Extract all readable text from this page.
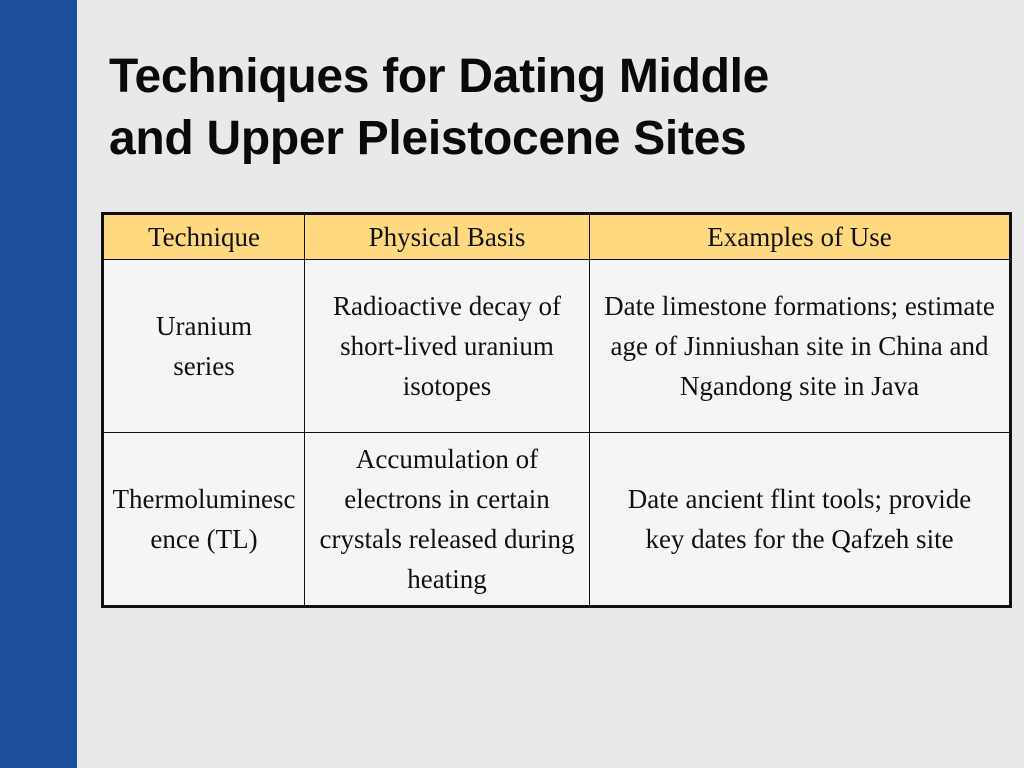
Techniques for Dating Middle
and Upper Pleistocene Sites
Technique	Physical Basis	Examples of Use
Uranium series	Radioactive decay of short-lived uranium isotopes	Date limestone formations; estimate age of Jinniushan site in China and Ngandong site in Java
Thermoluminescence (TL)	Accumulation of electrons in certain crystals released during heating	Date ancient flint tools; provide key dates for the Qafzeh site
